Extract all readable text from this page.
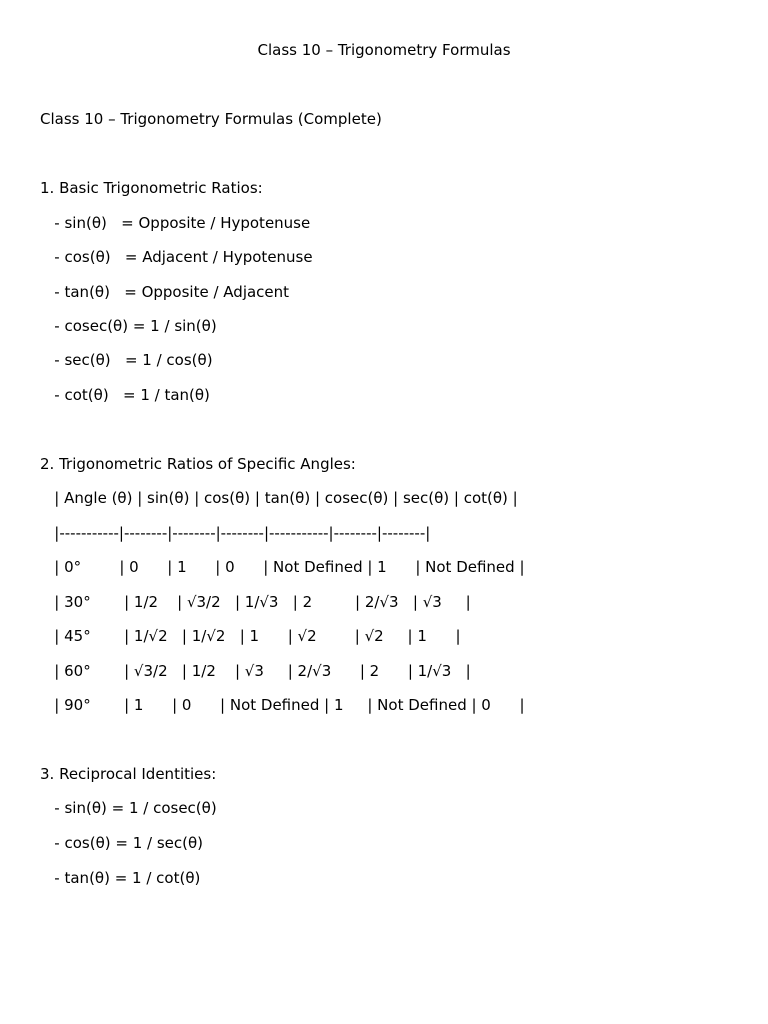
Class 10 – Trigonometry Formulas
Class 10 – Trigonometry Formulas (Complete)
1. Basic Trigonometric Ratios:
- sin(θ)   = Opposite / Hypotenuse
- cos(θ)   = Adjacent / Hypotenuse
- tan(θ)   = Opposite / Adjacent
- cosec(θ) = 1 / sin(θ)
- sec(θ)   = 1 / cos(θ)
- cot(θ)   = 1 / tan(θ)
2. Trigonometric Ratios of Specific Angles:
| Angle (θ) | sin(θ) | cos(θ) | tan(θ) | cosec(θ) | sec(θ) | cot(θ) |
|-----------|--------|--------|--------|-----------|--------|--------|
| 0°        | 0      | 1      | 0      | Not Defined | 1      | Not Defined |
| 30°       | 1/2    | √3/2   | 1/√3   | 2         | 2/√3   | √3     |
| 45°       | 1/√2   | 1/√2   | 1      | √2        | √2     | 1      |
| 60°       | √3/2   | 1/2    | √3     | 2/√3      | 2      | 1/√3   |
| 90°       | 1      | 0      | Not Defined | 1     | Not Defined | 0      |
3. Reciprocal Identities:
- sin(θ) = 1 / cosec(θ)
- cos(θ) = 1 / sec(θ)
- tan(θ) = 1 / cot(θ)
